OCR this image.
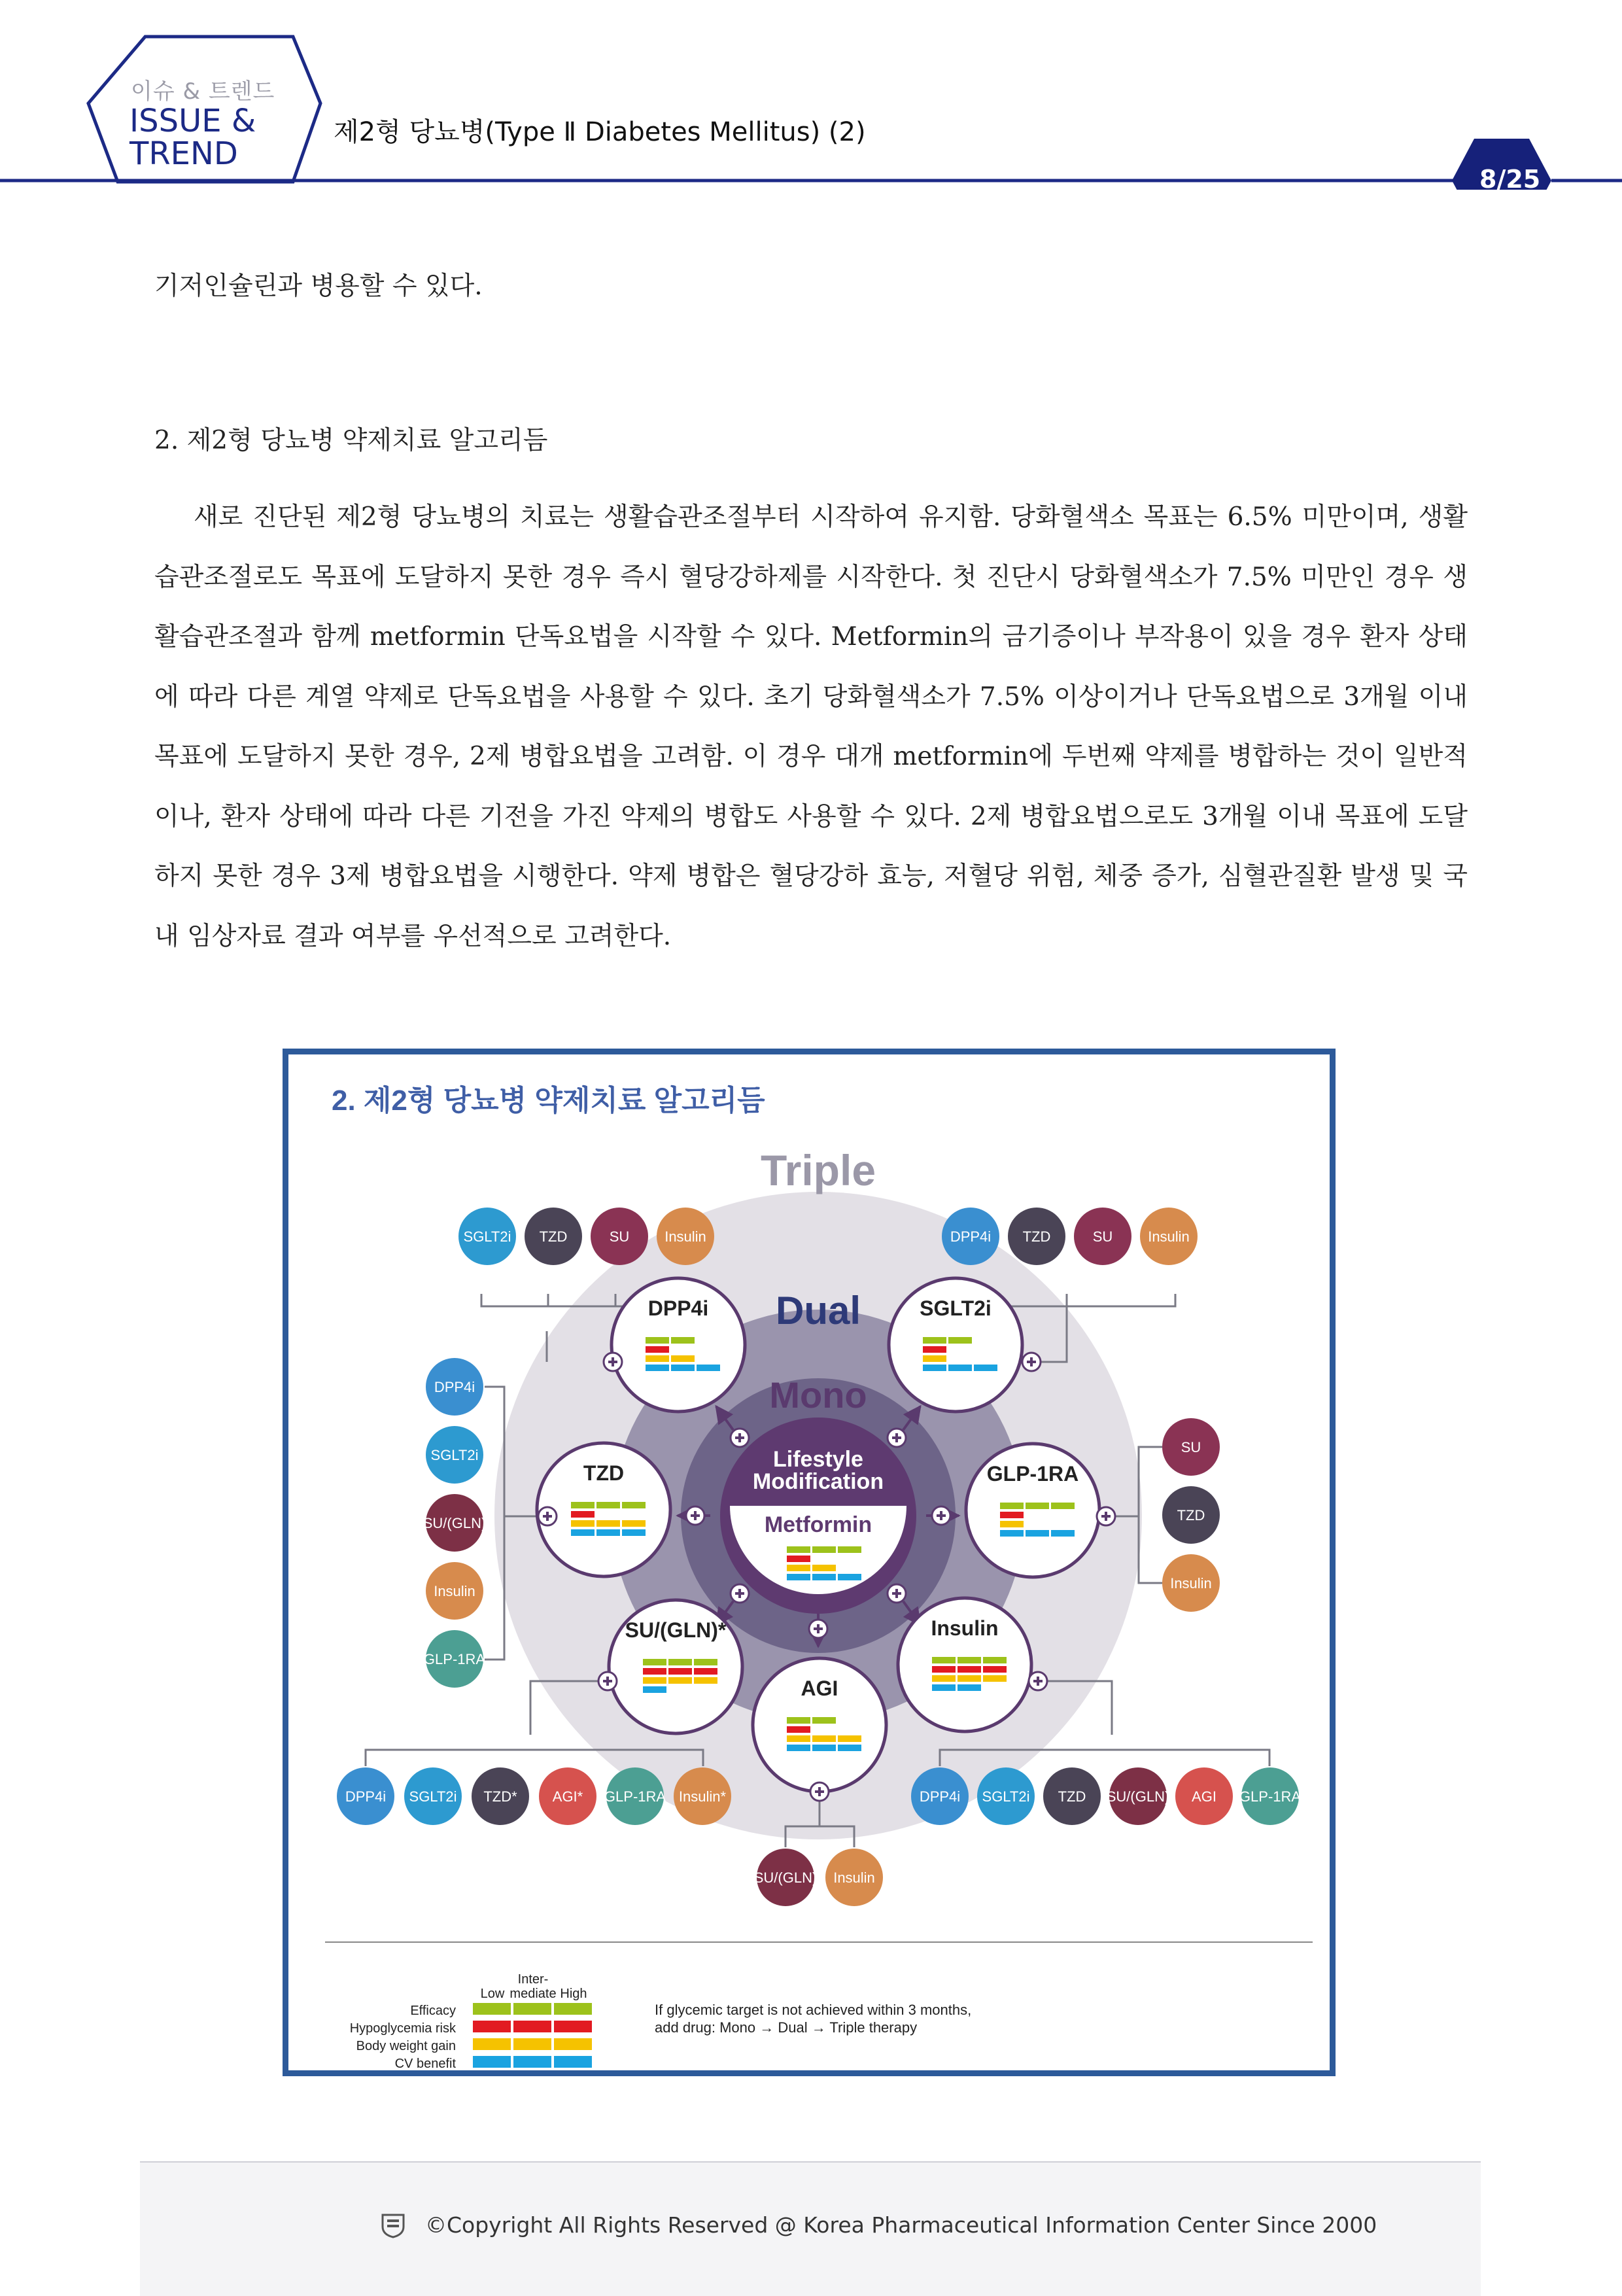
이슈 & 트렌드
ISSUE &
TREND
제2형 당뇨병(Type Ⅱ Diabetes Mellitus) (2)
8/25
기저인슐린과 병용할 수 있다.
2. 제2형 당뇨병 약제치료 알고리듬
새로 진단된 제2형 당뇨병의 치료는 생활습관조절부터 시작하여 유지함. 당화혈색소 목표는 6.5% 미만이며, 생활습관조절로도 목표에 도달하지 못한 경우 즉시 혈당강하제를 시작한다. 첫 진단시 당화혈색소가 7.5% 미만인 경우 생활습관조절과 함께 metformin 단독요법을 시작할 수 있다. Metformin의 금기증이나 부작용이 있을 경우 환자 상태에 따라 다른 계열 약제로 단독요법을 사용할 수 있다. 초기 당화혈색소가 7.5% 이상이거나 단독요법으로 3개월 이내 목표에 도달하지 못한 경우, 2제 병합요법을 고려함. 이 경우 대개 metformin에 두번째 약제를 병합하는 것이 일반적이나, 환자 상태에 따라 다른 기전을 가진 약제의 병합도 사용할 수 있다. 2제 병합요법으로도 3개월 이내 목표에 도달하지 못한 경우 3제 병합요법을 시행한다. 약제 병합은 혈당강하 효능, 저혈당 위험, 체중 증가, 심혈관질환 발생 및 국내 임상자료 결과 여부를 우선적으로 고려한다.
2. 제2형 당뇨병 약제치료 알고리듬
Triple
Dual
Mono
DPP4i	SGLT2i
TZD	GLP-1RA
SU/(GLN)*	Insulin
AGI
Lifestyle
Modification
Metformin
SGLT2i TZD	SU Insulin	DPP4i TZD	SU Insulin
DPP4i
SGLT2i
SU/(GLN)
Insulin
GLP-1RA
SU
TZD
Insulin
DPP4i SGLT2i TZD* AGI* GLP-1RA Insulin*	DPP4i SGLT2i TZD SU/(GLN) AGI GLP-1RA
SU/(GLN) Insulin
Inter-
Low mediate High
Efficacy
Hypoglycemia risk
Body weight gain
CV benefit
If glycemic target is not achieved within 3 months,
add drug: Mono → Dual → Triple therapy
©Copyright All Rights Reserved @ Korea Pharmaceutical Information Center Since 2000
